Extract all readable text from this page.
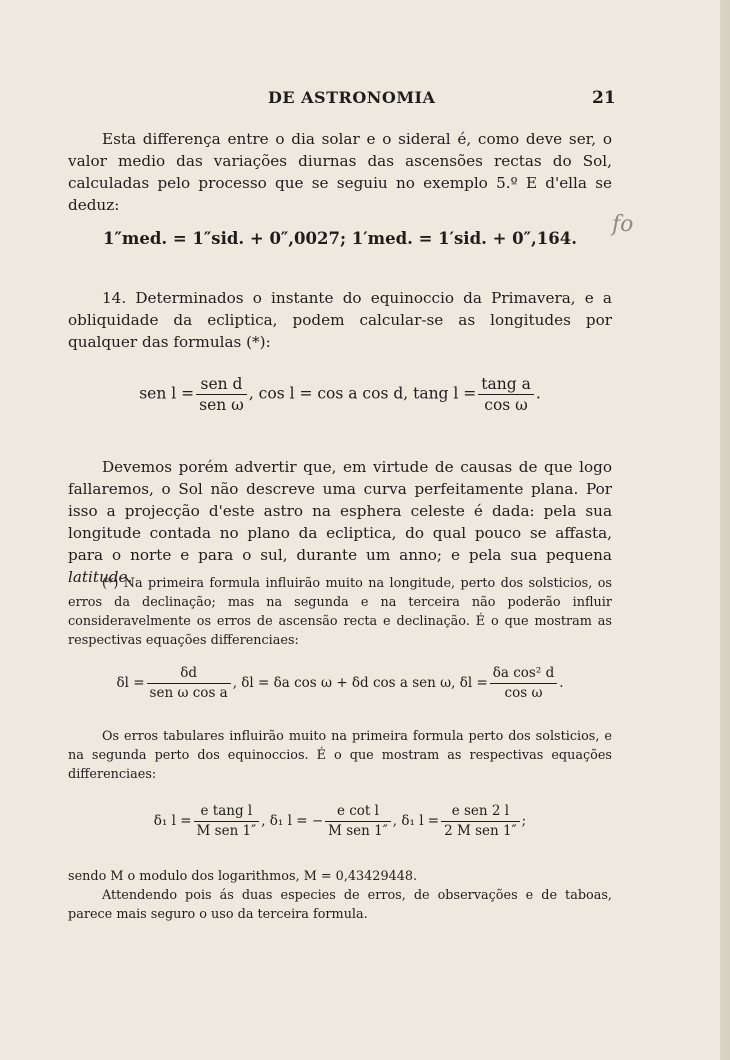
DE ASTRONOMIA	21
Esta differença entre o dia solar e o sideral é, como deve ser, o valor medio das variações diurnas das ascensões rectas do Sol, calculadas pelo processo que se seguiu no exemplo 5.º E d'ella se deduz:
1″med. = 1″sid. + 0″,0027; 1′med. = 1′sid. + 0″,164.
fo
14. Determinados o instante do equinoccio da Primavera, e a obliquidade da ecliptica, podem calcular-se as longitudes por qualquer das formulas (*):
sen $l = \frac{\text{sen d}}{\text{sen ω}}$ , cos l = cos a cos d, tang $l = \frac{\text{tang a}}{\text{cos ω}}$ .
Devemos porém advertir que, em virtude de causas de que logo fallaremos, o Sol não descreve uma curva perfeitamente plana. Por isso a projecção d'este astro na esphera celeste é dada: pela sua longitude contada no plano da ecliptica, do qual pouco se affasta, para o norte e para o sul, durante um anno; e pela sua pequena latitude.
(*) Na primeira formula influirão muito na longitude, perto dos solsticios, os erros da declinação; mas na segunda e na terceira não poderão influir consideravelmente os erros de ascensão recta e declinação. É o que mostram as respectivas equações differenciaes:
$\delta l = \frac{\delta d}{\text{sen ω cos a}}$ , δl = δa cos ω + δd cos a sen ω, $\delta l = \frac{\text{δa cos² d}}{\text{cos ω}}$ .
Os erros tabulares influirão muito na primeira formula perto dos solsticios, e na segunda perto dos equinoccios. É o que mostram as respectivas equações differenciaes:
δ₁ $l = \frac{\text{e tang l}}{\text{M sen 1″}}$ , δ₁ l = − $\frac{\text{e cot l}}{\text{M sen 1″}}$ , δ₁ $l = \frac{\text{e sen 2 l}}{\text{2 M sen 1″}}$ ;
sendo M o modulo dos logarithmos, M = 0,43429448.
Attendendo pois ás duas especies de erros, de observações e de taboas, parece mais seguro o uso da terceira formula.
